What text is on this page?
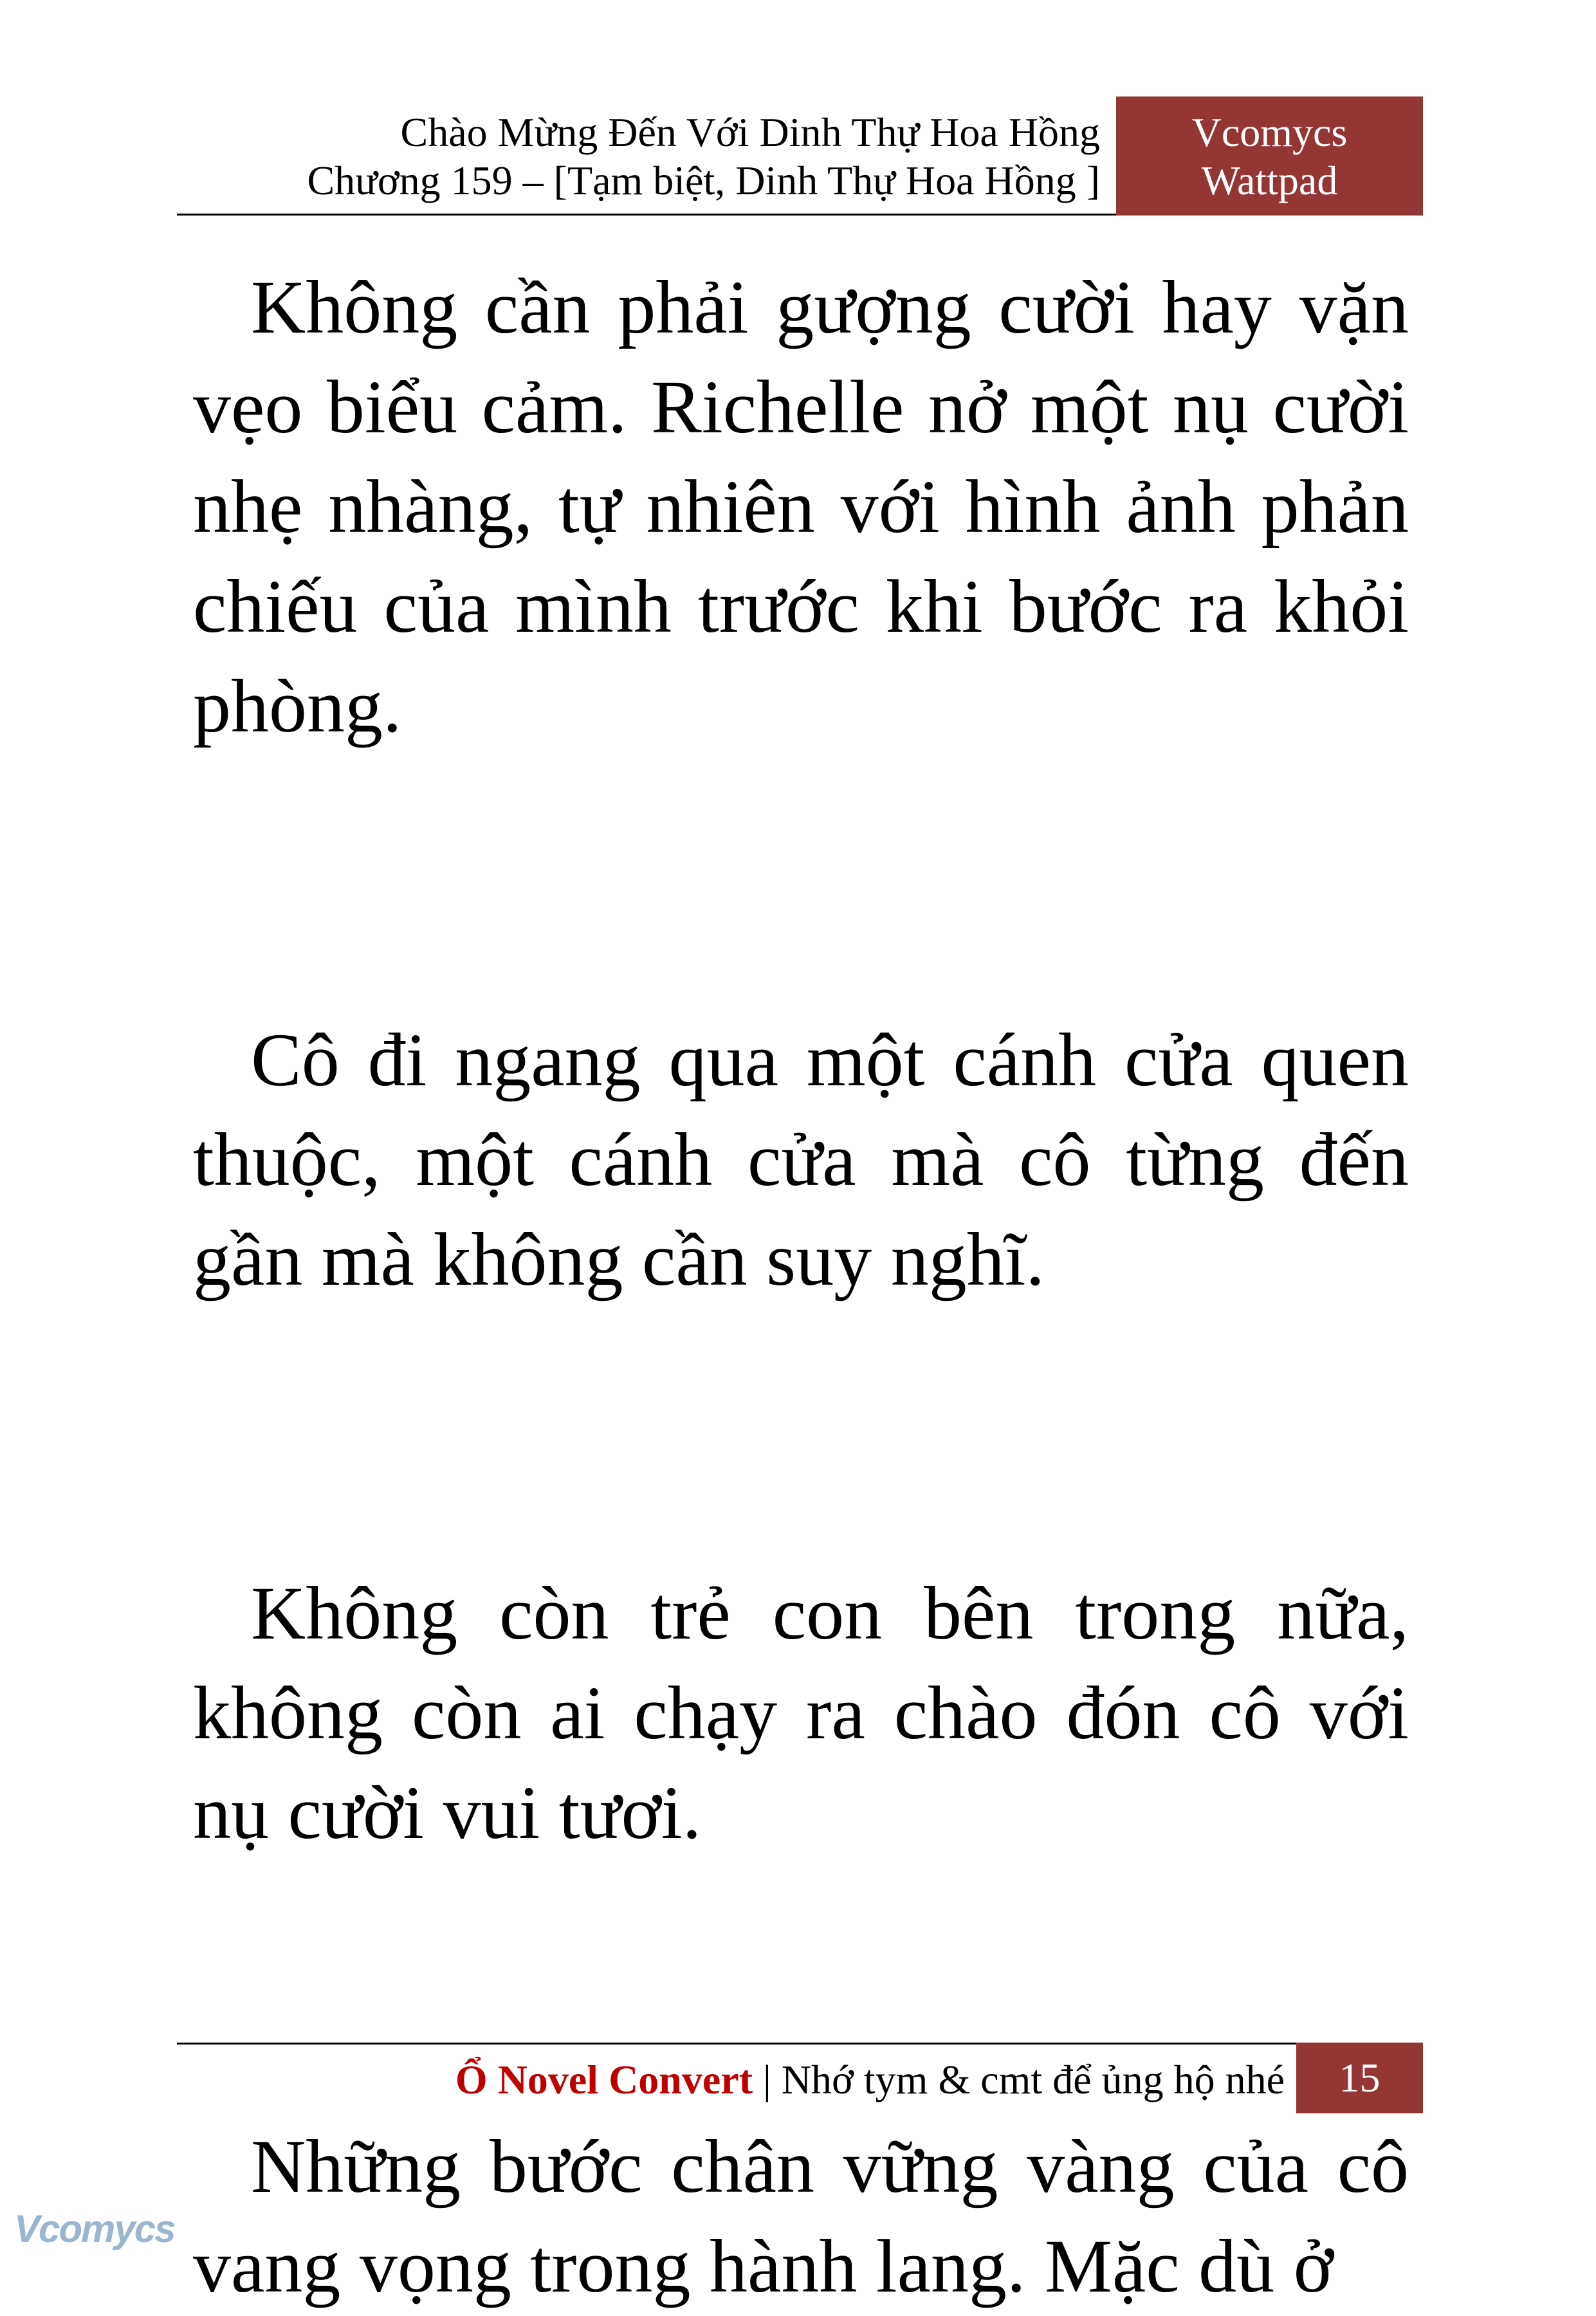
Chào Mừng Đến Với Dinh Thự Hoa Hồng
Chương 159 – [Tạm biệt, Dinh Thự Hoa Hồng ]
Vcomycs
Wattpad

Không cần phải gượng cười hay vặn vẹo biểu cảm. Richelle nở một nụ cười nhẹ nhàng, tự nhiên với hình ảnh phản chiếu của mình trước khi bước ra khỏi phòng.

Cô đi ngang qua một cánh cửa quen thuộc, một cánh cửa mà cô từng đến gần mà không cần suy nghĩ.

Không còn trẻ con bên trong nữa, không còn ai chạy ra chào đón cô với nụ cười vui tươi.

Những bước chân vững vàng của cô vang vọng trong hành lang. Mặc dù ở

Ổ Novel Convert | Nhớ tym & cmt để ủng hộ nhé	15
Vcomycs
